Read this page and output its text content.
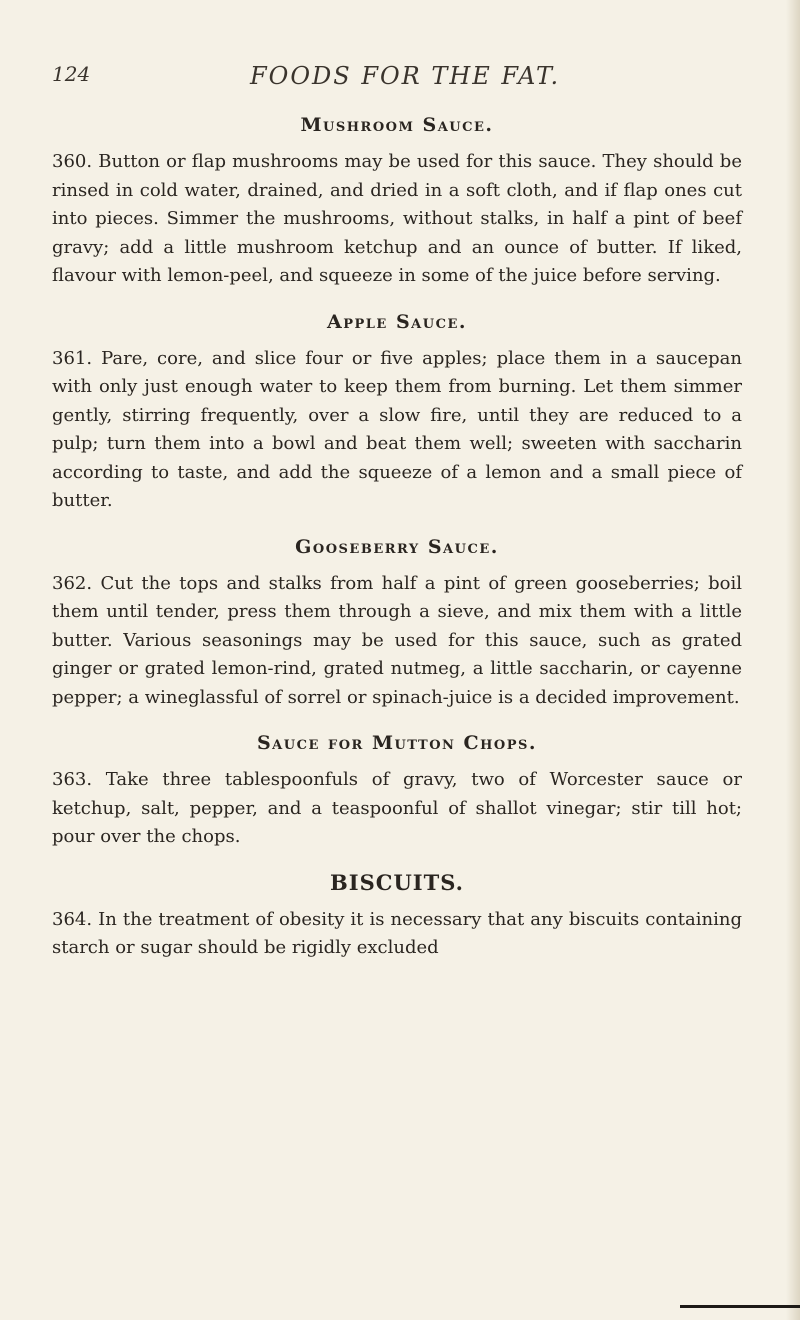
124	FOODS FOR THE FAT.
Mushroom Sauce.

360. Button or flap mushrooms may be used for this sauce. They should be rinsed in cold water, drained, and dried in a soft cloth, and if flap ones cut into pieces. Simmer the mushrooms, without stalks, in half a pint of beef gravy; add a little mushroom ketchup and an ounce of butter. If liked, flavour with lemon-peel, and squeeze in some of the juice before serving.

Apple Sauce.

361. Pare, core, and slice four or five apples; place them in a saucepan with only just enough water to keep them from burning. Let them simmer gently, stirring frequently, over a slow fire, until they are reduced to a pulp; turn them into a bowl and beat them well; sweeten with saccharin according to taste, and add the squeeze of a lemon and a small piece of butter.

Gooseberry Sauce.

362. Cut the tops and stalks from half a pint of green gooseberries; boil them until tender, press them through a sieve, and mix them with a little butter. Various seasonings may be used for this sauce, such as grated ginger or grated lemon-rind, grated nutmeg, a little saccharin, or cayenne pepper; a wineglassful of sorrel or spinach-juice is a decided improvement.

Sauce for Mutton Chops.

363. Take three tablespoonfuls of gravy, two of Worcester sauce or ketchup, salt, pepper, and a teaspoonful of shallot vinegar; stir till hot; pour over the chops.

BISCUITS.

364. In the treatment of obesity it is necessary that any biscuits containing starch or sugar should be rigidly excluded
